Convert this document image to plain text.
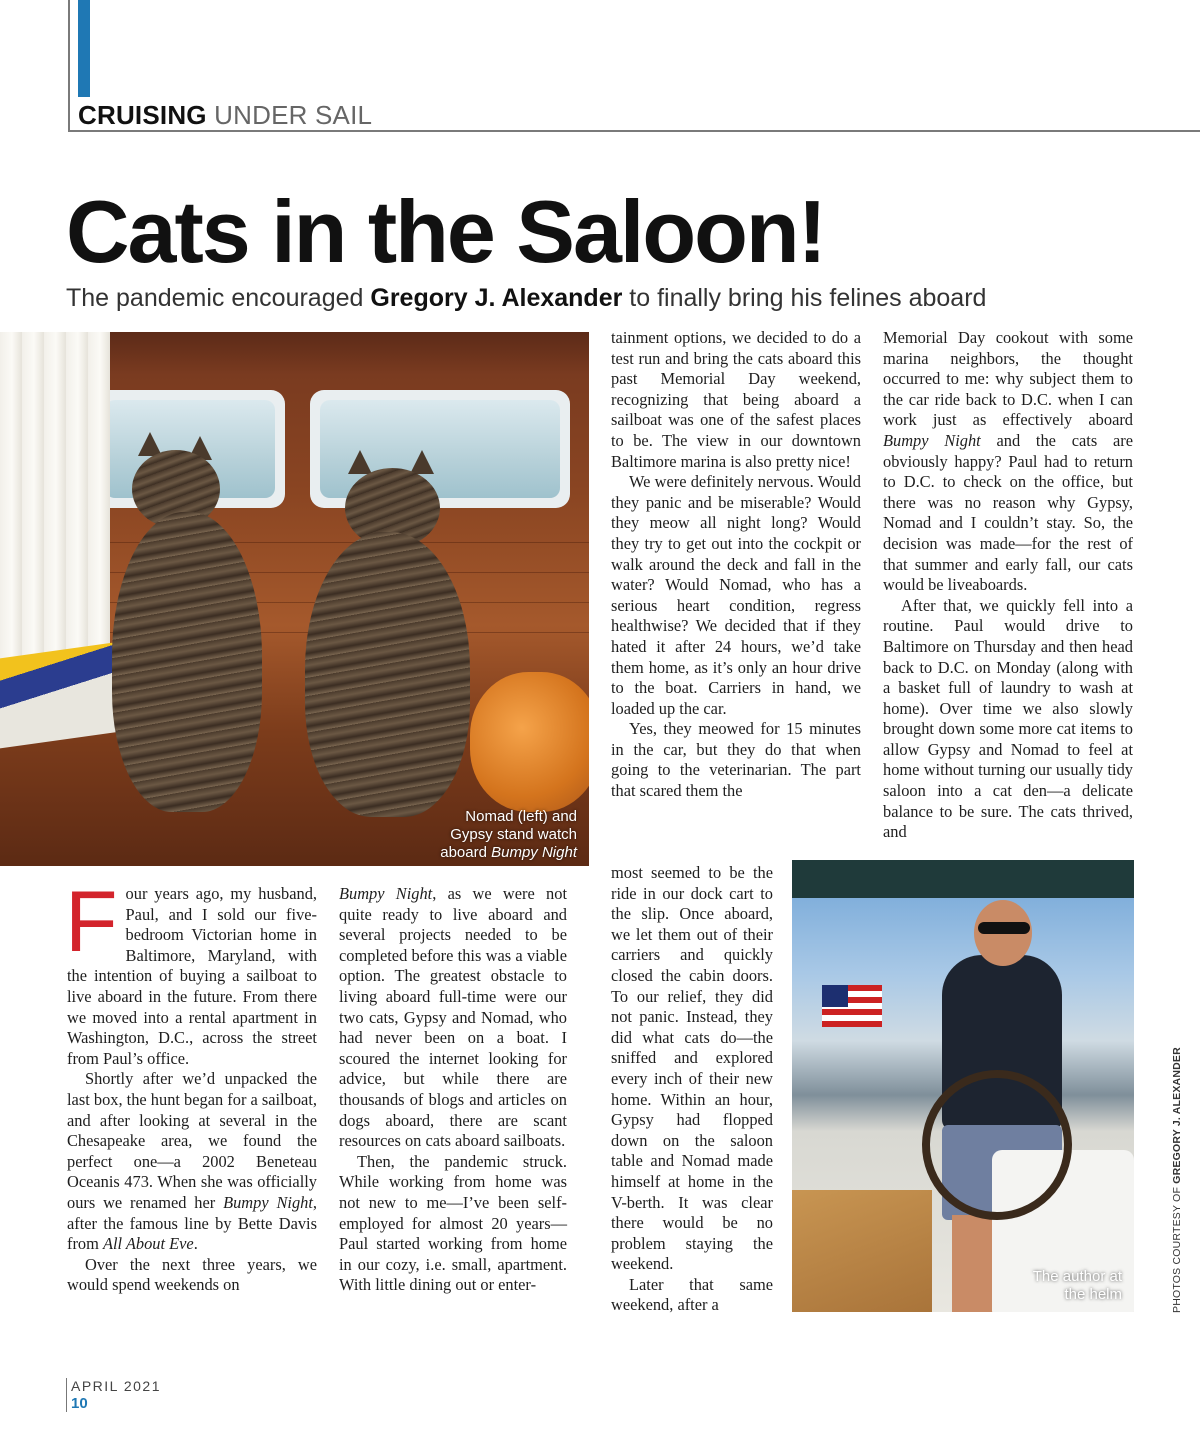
CRUISING UNDER SAIL
Cats in the Saloon!
The pandemic encouraged Gregory J. Alexander to finally bring his felines aboard
Nomad (left) and
Gypsy stand watch
aboard Bumpy Night
The author at
the helm	PHOTOS COURTESY OF GREGORY J. ALEXANDER

Four years ago, my husband, Paul, and I sold our five-bedroom Victorian home in Baltimore, Maryland, with the intention of buying a sailboat to live aboard in the future. From there we moved into a rental apartment in Washington, D.C., across the street from Paul’s office.

Shortly after we’d unpacked the last box, the hunt began for a sailboat, and after looking at several in the Chesapeake area, we found the perfect one—a 2002 Beneteau Oceanis 473. When she was officially ours we renamed her Bumpy Night, after the famous line by Bette Davis from All About Eve.

Over the next three years, we would spend weekends on

Bumpy Night, as we were not quite ready to live aboard and several projects needed to be completed before this was a viable option. The greatest obstacle to living aboard full-time were our two cats, Gypsy and Nomad, who had never been on a boat. I scoured the internet looking for advice, but while there are thousands of blogs and articles on dogs aboard, there are scant resources on cats aboard sailboats.

Then, the pandemic struck. While working from home was not new to me—I’ve been self-employed for almost 20 years—Paul started working from home in our cozy, i.e. small, apartment. With little dining out or enter-

tainment options, we decided to do a test run and bring the cats aboard this past Memorial Day weekend, recognizing that being aboard a sailboat was one of the safest places to be. The view in our downtown Baltimore marina is also pretty nice!

We were definitely nervous. Would they panic and be miserable? Would they meow all night long? Would they try to get out into the cockpit or walk around the deck and fall in the water? Would Nomad, who has a serious heart condition, regress healthwise? We decided that if they hated it after 24 hours, we’d take them home, as it’s only an hour drive to the boat. Carriers in hand, we loaded up the car.

Yes, they meowed for 15 minutes in the car, but they do that when going to the veterinarian. The part that scared them the

most seemed to be the ride in our dock cart to the slip. Once aboard, we let them out of their carriers and quickly closed the cabin doors. To our relief, they did not panic. Instead, they did what cats do—the sniffed and explored every inch of their new home. Within an hour, Gypsy had flopped down on the saloon table and Nomad made himself at home in the V-berth. It was clear there would be no problem staying the weekend.

Later that same weekend, after a

Memorial Day cookout with some marina neighbors, the thought occurred to me: why subject them to the car ride back to D.C. when I can work just as effectively aboard Bumpy Night and the cats are obviously happy? Paul had to return to D.C. to check on the office, but there was no reason why Gypsy, Nomad and I couldn’t stay. So, the decision was made—for the rest of that summer and early fall, our cats would be liveaboards.

After that, we quickly fell into a routine. Paul would drive to Baltimore on Thursday and then head back to D.C. on Monday (along with a basket full of laundry to wash at home). Over time we also slowly brought down some more cat items to allow Gypsy and Nomad to feel at home without turning our usually tidy saloon into a cat den—a delicate balance to be sure. The cats thrived, and

APRIL 2021
10
